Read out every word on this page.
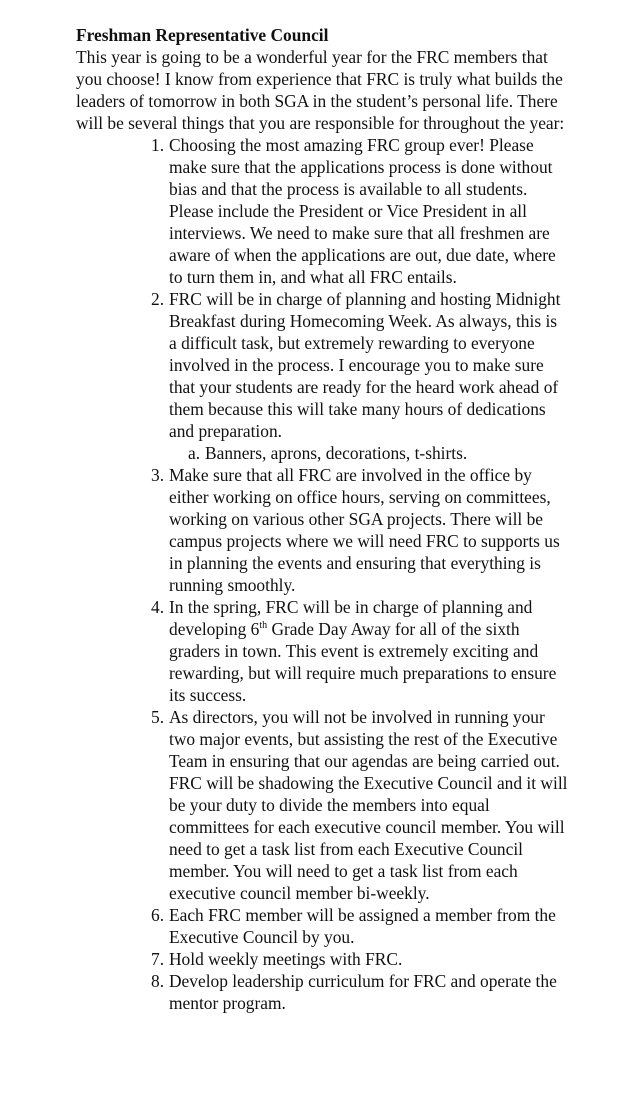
Freshman Representative Council

This year is going to be a wonderful year for the FRC members that you choose! I know from experience that FRC is truly what builds the leaders of tomorrow in both SGA in the student’s personal life. There will be several things that you are responsible for throughout the year:

1. Choosing the most amazing FRC group ever! Please make sure that the applications process is done without bias and that the process is available to all students. Please include the President or Vice President in all interviews. We need to make sure that all freshmen are aware of when the applications are out, due date, where to turn them in, and what all FRC entails.
2. FRC will be in charge of planning and hosting Midnight Breakfast during Homecoming Week. As always, this is a difficult task, but extremely rewarding to everyone involved in the process. I encourage you to make sure that your students are ready for the heard work ahead of them because this will take many hours of dedications and preparation.
a. Banners, aprons, decorations, t-shirts.
3. Make sure that all FRC are involved in the office by either working on office hours, serving on committees, working on various other SGA projects. There will be campus projects where we will need FRC to supports us in planning the events and ensuring that everything is running smoothly.
4. In the spring, FRC will be in charge of planning and developing 6th Grade Day Away for all of the sixth graders in town. This event is extremely exciting and rewarding, but will require much preparations to ensure its success.
5. As directors, you will not be involved in running your two major events, but assisting the rest of the Executive Team in ensuring that our agendas are being carried out. FRC will be shadowing the Executive Council and it will be your duty to divide the members into equal committees for each executive council member. You will need to get a task list from each Executive Council member. You will need to get a task list from each executive council member bi-weekly.
6. Each FRC member will be assigned a member from the Executive Council by you.
7. Hold weekly meetings with FRC.
8. Develop leadership curriculum for FRC and operate the mentor program.
